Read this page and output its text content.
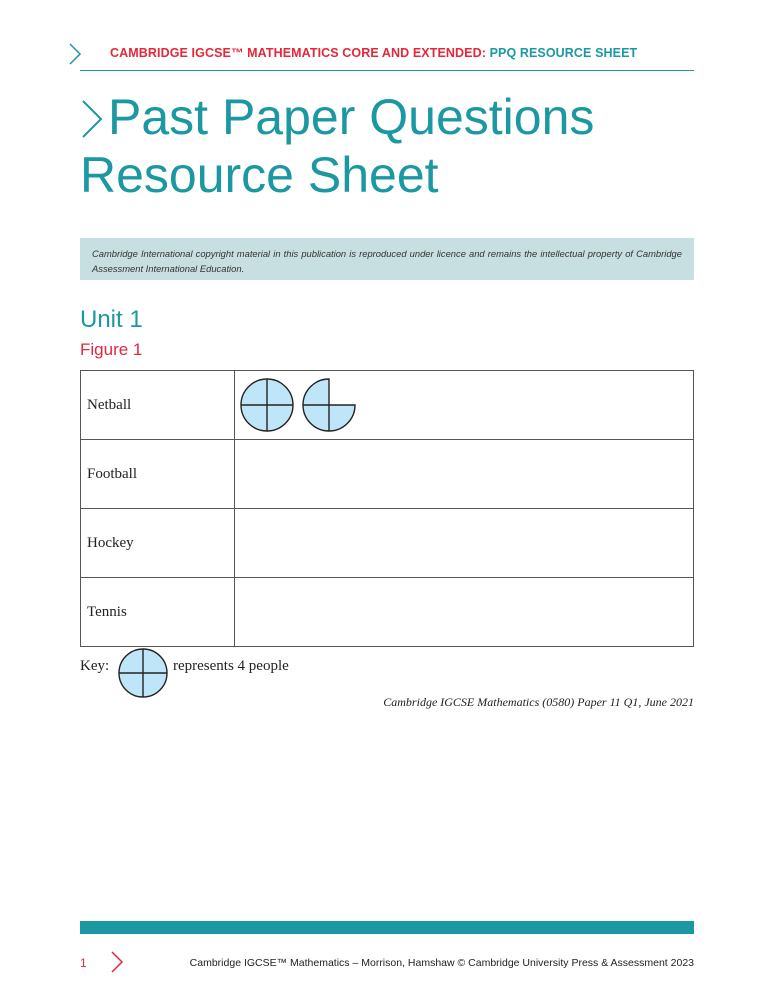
CAMBRIDGE IGCSE™ MATHEMATICS CORE AND EXTENDED: PPQ RESOURCE SHEET
Past Paper Questions
Resource Sheet
Cambridge International copyright material in this publication is reproduced under licence and remains the intellectual property of Cambridge Assessment International Education.
Unit 1
Figure 1
Netball	
Football	
Hockey	
Tennis	
Key:	represents 4 people
Cambridge IGCSE Mathematics (0580) Paper 11 Q1, June 2021
1	Cambridge IGCSE™ Mathematics – Morrison, Hamshaw © Cambridge University Press & Assessment 2023
